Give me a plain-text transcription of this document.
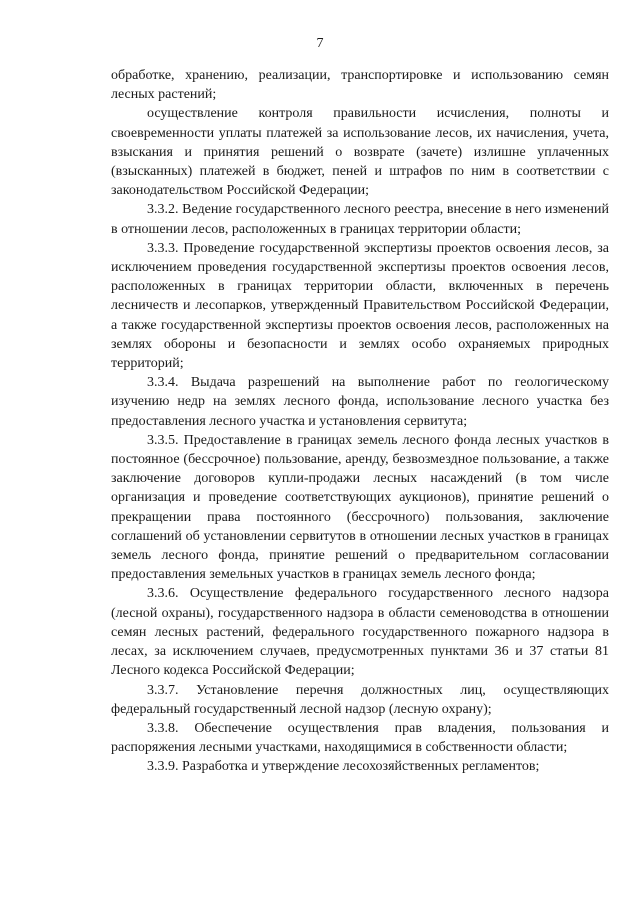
7

обработке, хранению, реализации, транспортировке и использованию семян лесных растений;

осуществление контроля правильности исчисления, полноты и своевременности уплаты платежей за использование лесов, их начисления, учета, взыскания и принятия решений о возврате (зачете) излишне уплаченных (взысканных) платежей в бюджет, пеней и штрафов по ним в соответствии с законодательством Российской Федерации;

3.3.2. Ведение государственного лесного реестра, внесение в него изменений в отношении лесов, расположенных в границах территории области;

3.3.3. Проведение государственной экспертизы проектов освоения лесов, за исключением проведения государственной экспертизы проектов освоения лесов, расположенных в границах территории области, включенных в перечень лесничеств и лесопарков, утвержденный Правительством Российской Федерации, а также государственной экспертизы проектов освоения лесов, расположенных на землях обороны и безопасности и землях особо охраняемых природных территорий;

3.3.4. Выдача разрешений на выполнение работ по геологическому изучению недр на землях лесного фонда, использование лесного участка без предоставления лесного участка и установления сервитута;

3.3.5. Предоставление в границах земель лесного фонда лесных участков в постоянное (бессрочное) пользование, аренду, безвозмездное пользование, а также заключение договоров купли-продажи лесных насаждений (в том числе организация и проведение соответствующих аукционов), принятие решений о прекращении права постоянного (бессрочного) пользования, заключение соглашений об установлении сервитутов в отношении лесных участков в границах земель лесного фонда, принятие решений о предварительном согласовании предоставления земельных участков в границах земель лесного фонда;

3.3.6. Осуществление федерального государственного лесного надзора (лесной охраны), государственного надзора в области семеноводства в отношении семян лесных растений, федерального государственного пожарного надзора в лесах, за исключением случаев, предусмотренных пунктами 36 и 37 статьи 81 Лесного кодекса Российской Федерации;

3.3.7. Установление перечня должностных лиц, осуществляющих федеральный государственный лесной надзор (лесную охрану);

3.3.8. Обеспечение осуществления прав владения, пользования и распоряжения лесными участками, находящимися в собственности области;

3.3.9. Разработка и утверждение лесохозяйственных регламентов;
